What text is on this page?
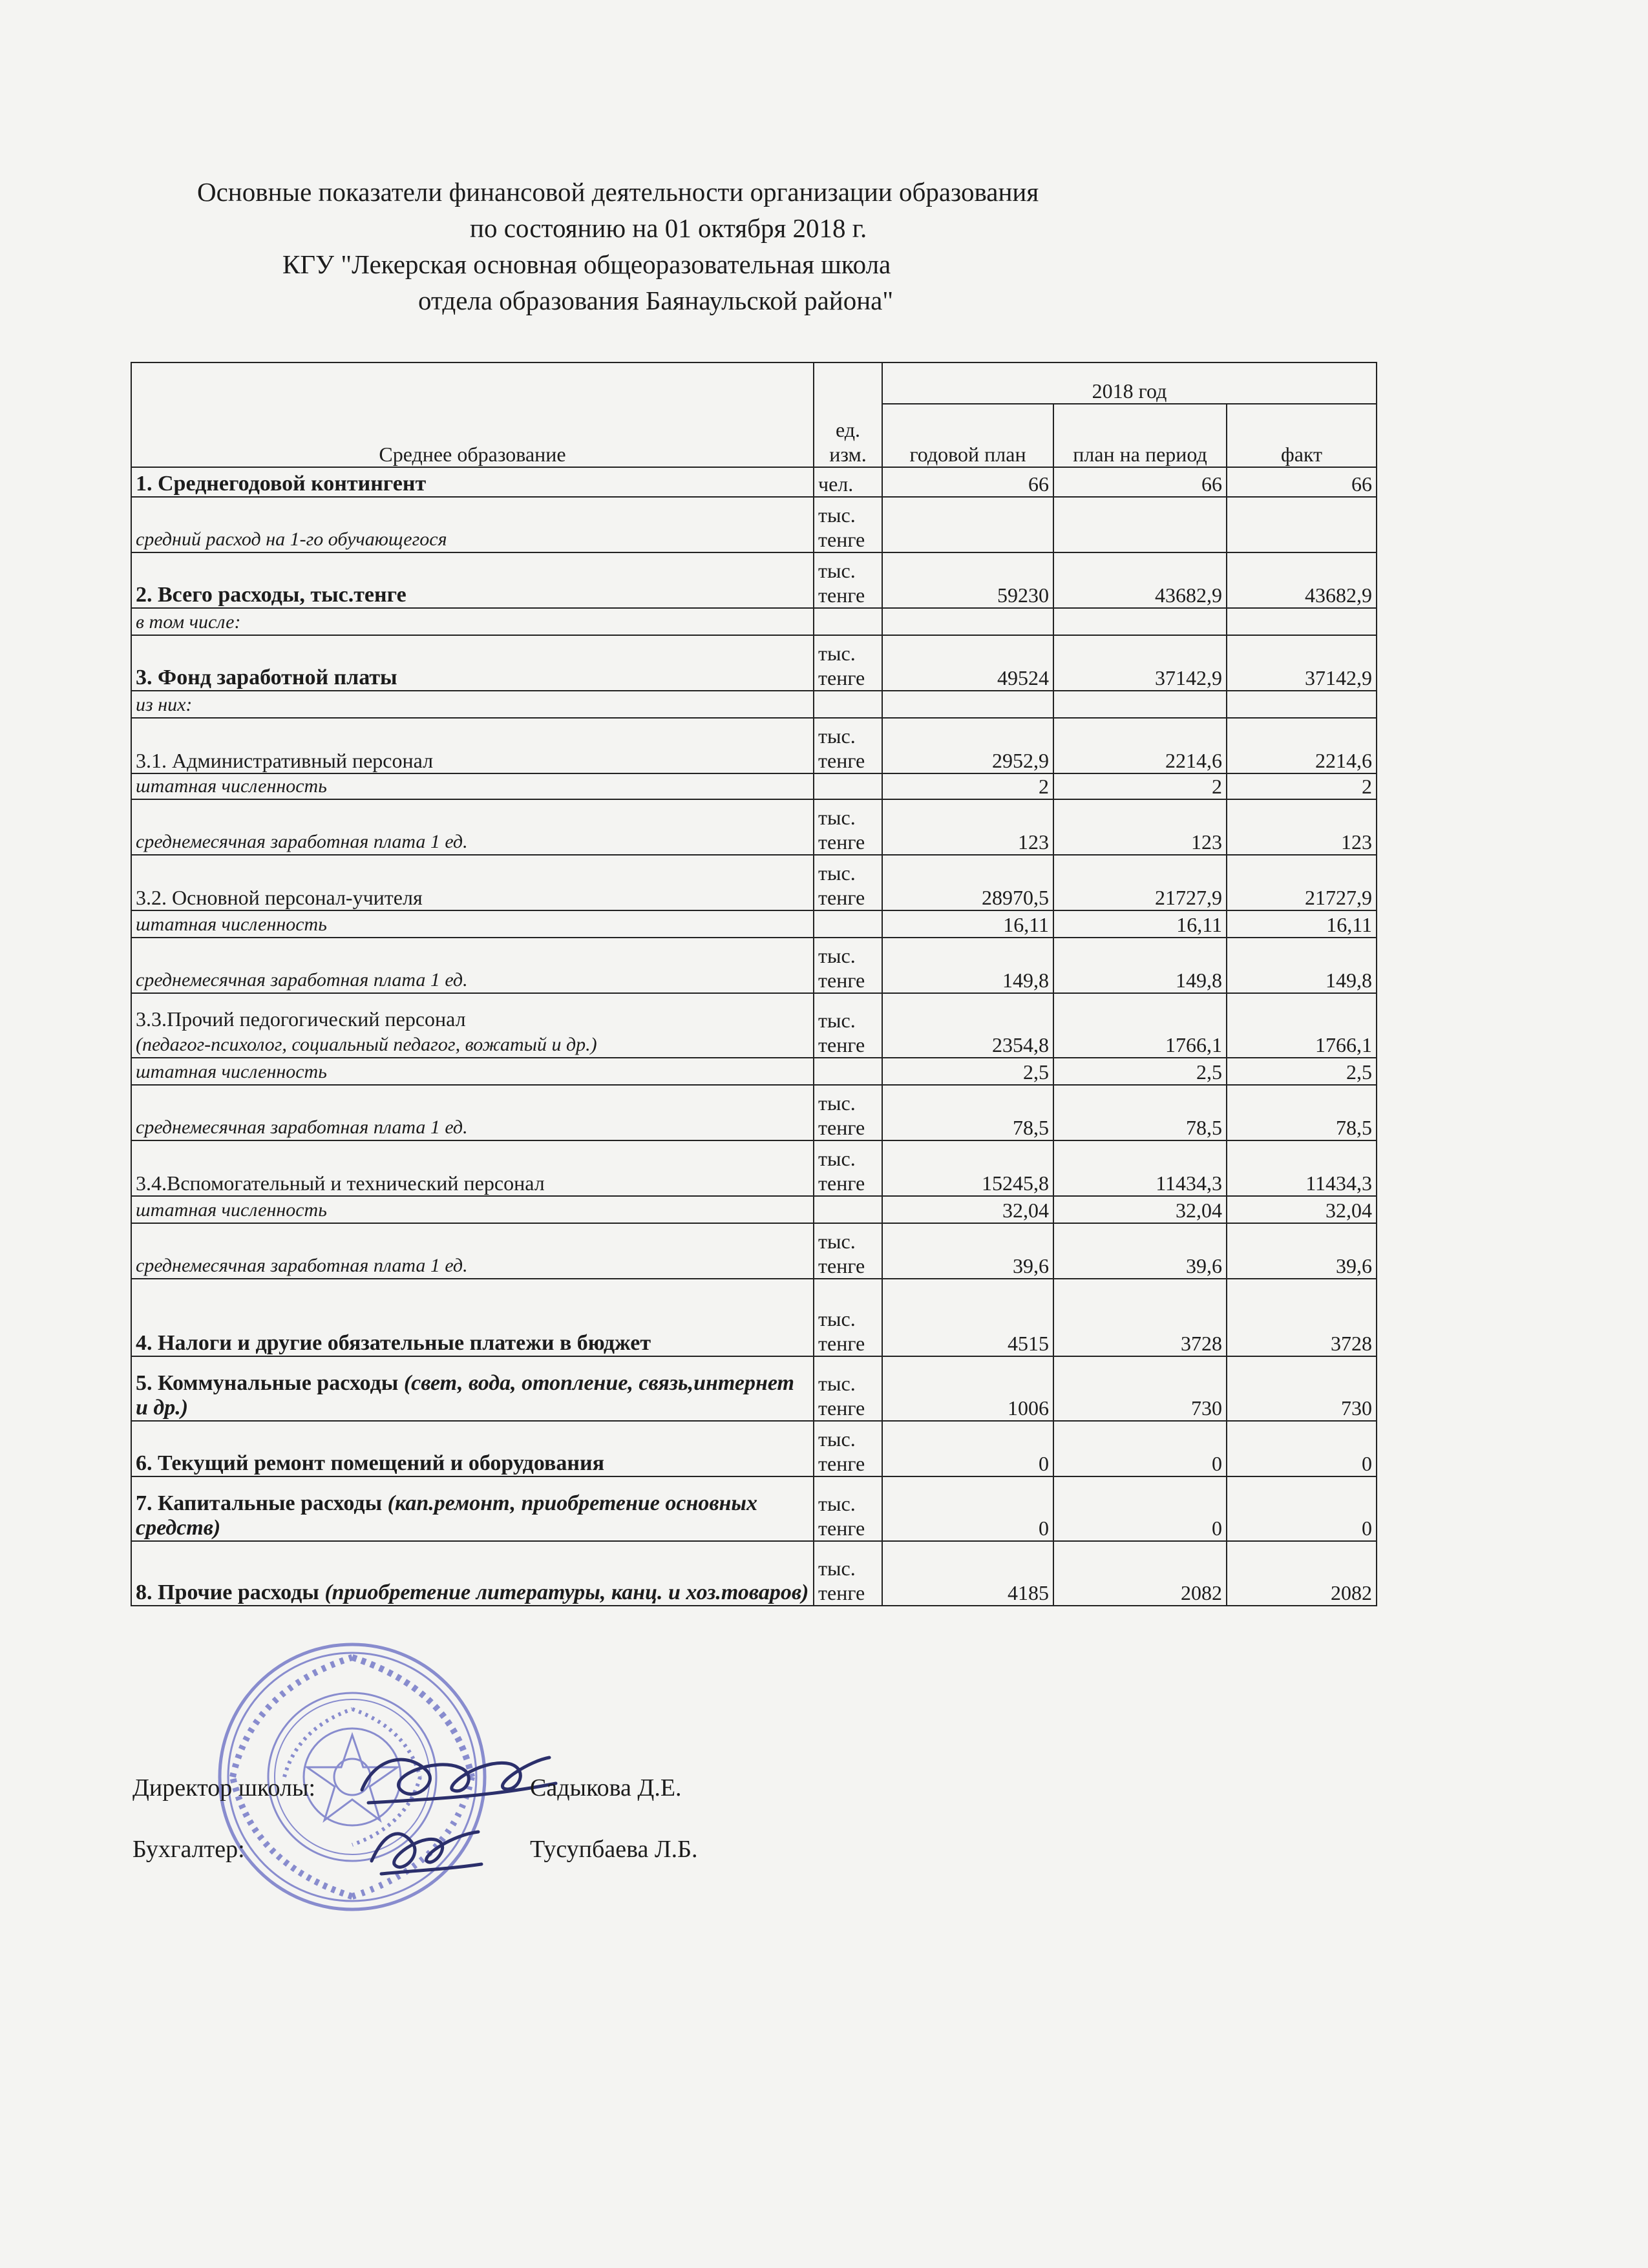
Основные показатели финансовой деятельности организации образования
по состоянию на 01 октября 2018 г.
КГУ "Лекерская основная общеоразовательная школа
отдела образования Баянаульской района"
Среднее образование	ед. изм.	2018 год		
		годовой план	план на период	факт
1. Среднегодовой контингент	чел.	66	66	66
средний расход на 1-го обучающегося	тыс. тенге			
2. Всего расходы, тыс.тенге	тыс. тенге	59230	43682,9	43682,9
в том числе:				
3. Фонд заработной платы	тыс. тенге	49524	37142,9	37142,9
из них:				
3.1. Административный персонал	тыс. тенге	2952,9	2214,6	2214,6
штатная численность		2	2	2
среднемесячная заработная плата 1 ед.	тыс. тенге	123	123	123
3.2. Основной персонал-учителя	тыс. тенге	28970,5	21727,9	21727,9
штатная численность		16,11	16,11	16,11
среднемесячная заработная плата 1 ед.	тыс. тенге	149,8	149,8	149,8
3.3.Прочий педогогический персонал
(педагог-психолог, социальный педагог, вожатый и др.)	тыс. тенге	2354,8	1766,1	1766,1
штатная численность		2,5	2,5	2,5
среднемесячная заработная плата 1 ед.	тыс. тенге	78,5	78,5	78,5
3.4.Вспомогательный и технический персонал	тыс. тенге	15245,8	11434,3	11434,3
штатная численность		32,04	32,04	32,04
среднемесячная заработная плата 1 ед.	тыс. тенге	39,6	39,6	39,6
4. Налоги и другие обязательные платежи в бюджет	тыс. тенге	4515	3728	3728
5. Коммунальные расходы (свет, вода, отопление, связь,интернет и др.)	тыс. тенге	1006	730	730
6. Текущий ремонт помещений и оборудования	тыс. тенге	0	0	0
7. Капитальные расходы (кап.ремонт, приобретение основных средств)	тыс. тенге	0	0	0
8. Прочие расходы (приобретение литературы, канц. и хоз.товаров)	тыс. тенге	4185	2082	2082
Директор школы:	Садыкова Д.Е.
Бухгалтер:	Тусупбаева Л.Б.
